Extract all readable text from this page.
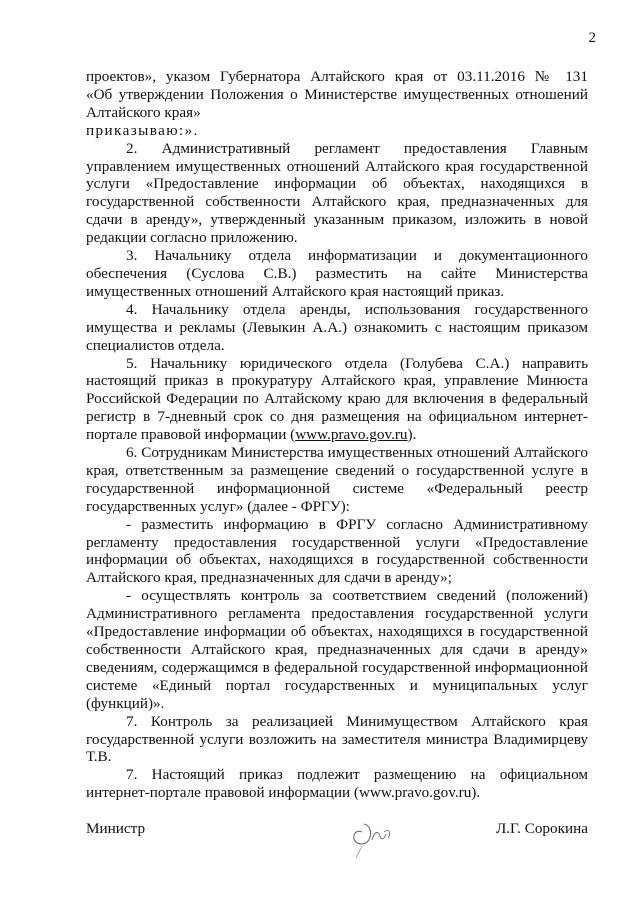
2

проектов», указом Губернатора Алтайского края от 03.11.2016 № 131

«Об утверждении Положения о Министерстве имущественных отношений Алтайского края»

приказываю:».

2. Административный регламент предоставления Главным управлением имущественных отношений Алтайского края государственной услуги «Предоставление информации об объектах, находящихся в государственной собственности Алтайского края, предназначенных для сдачи в аренду», утвержденный указанным приказом, изложить в новой редакции согласно приложению.

3. Начальнику отдела информатизации и документационного обеспечения (Суслова С.В.) разместить на сайте Министерства имущественных отношений Алтайского края настоящий приказ.

4. Начальнику отдела аренды, использования государственного имущества и рекламы (Левыкин А.А.) ознакомить с настоящим приказом специалистов отдела.

5. Начальнику юридического отдела (Голубева С.А.) направить настоящий приказ в прокуратуру Алтайского края, управление Минюста Российской Федерации по Алтайскому краю для включения в федеральный регистр в 7-дневный срок со дня размещения на официальном интернет-портале правовой информации (www.pravo.gov.ru).

6. Сотрудникам Министерства имущественных отношений Алтайского края, ответственным за размещение сведений о государственной услуге в государственной информационной системе «Федеральный реестр государственных услуг» (далее - ФРГУ):

- разместить информацию в ФРГУ согласно Административному регламенту предоставления государственной услуги «Предоставление информации об объектах, находящихся в государственной собственности Алтайского края, предназначенных для сдачи в аренду»;

- осуществлять контроль за соответствием сведений (положений) Административного регламента предоставления государственной услуги «Предоставление информации об объектах, находящихся в государственной собственности Алтайского края, предназначенных для сдачи в аренду» сведениям, содержащимся в федеральной государственной информационной системе «Единый портал государственных и муниципальных услуг (функций)».

7. Контроль за реализацией Минимуществом Алтайского края государственной услуги возложить на заместителя министра Владимирцеву Т.В.

7. Настоящий приказ подлежит размещению на официальном интернет-портале правовой информации (www.pravo.gov.ru).

Министр	Л.Г. Сорокина
